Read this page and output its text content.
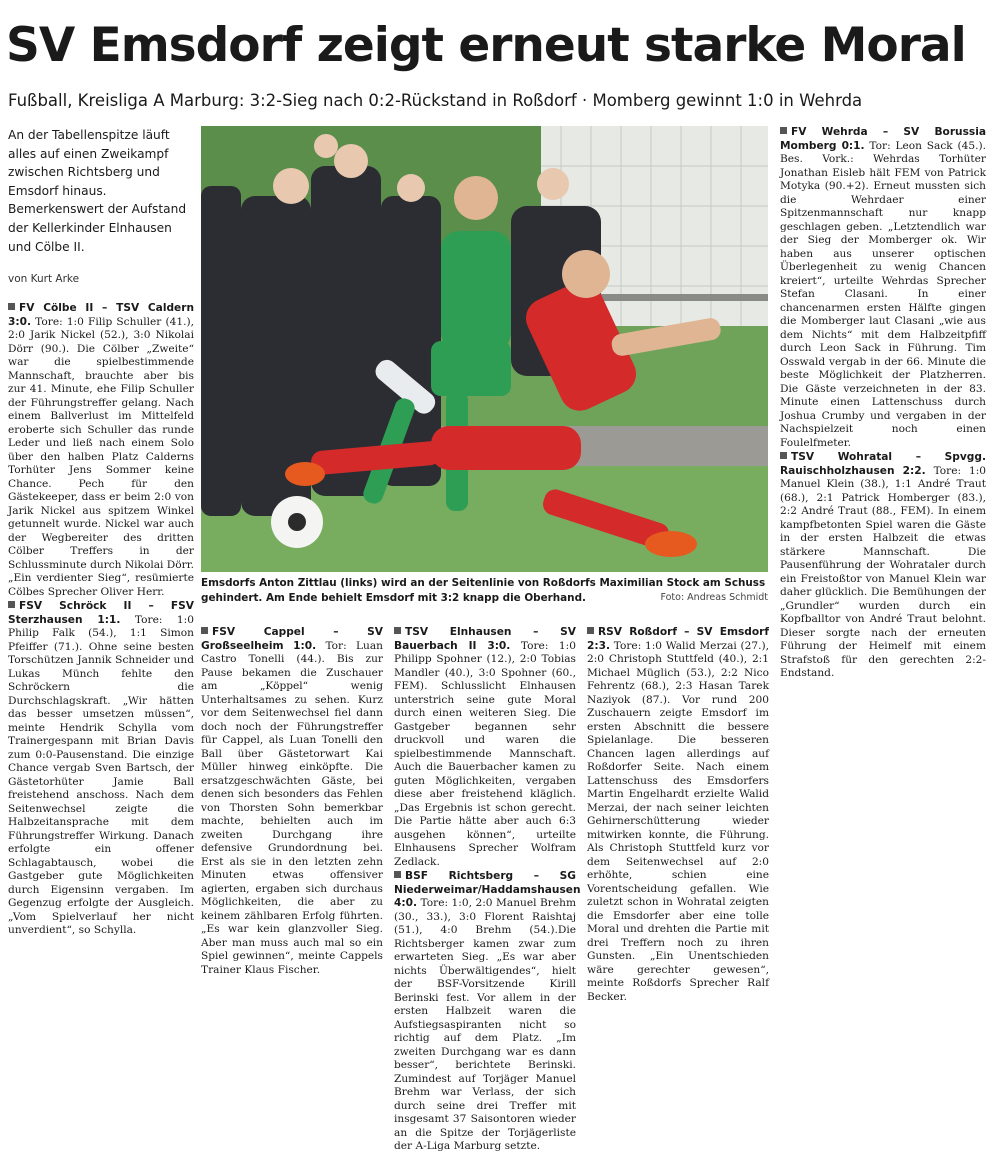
SV Emsdorf zeigt erneut starke Moral
Fußball, Kreisliga A Marburg: 3:2-Sieg nach 0:2-Rückstand in Roßdorf · Momberg gewinnt 1:0 in Wehrda
An der Tabellenspitze läuft alles auf einen Zweikampf zwischen Richtsberg und Emsdorf hinaus. Bemerkenswert der Aufstand der Kellerkinder Elnhausen und Cölbe II.
von Kurt Arke

FV Cölbe II – TSV Caldern 3:0. Tore: 1:0 Filip Schuller (41.), 2:0 Jarik Nickel (52.), 3:0 Nikolai Dörr (90.). Die Cölber „Zweite“ war die spielbestimmende Mannschaft, brauchte aber bis zur 41. Minute, ehe Filip Schuller der Führungstreffer gelang. Nach einem Ballverlust im Mittelfeld eroberte sich Schuller das runde Leder und ließ nach einem Solo über den halben Platz Calderns Torhüter Jens Sommer keine Chance. Pech für den Gästekeeper, dass er beim 2:0 von Jarik Nickel aus spitzem Winkel getunnelt wurde. Nickel war auch der Wegbereiter des dritten Cölber Treffers in der Schlussminute durch Nikolai Dörr. „Ein verdienter Sieg“, resümierte Cölbes Sprecher Oliver Herr.

FSV Schröck II – FSV Sterzhausen 1:1. Tore: 1:0 Philip Falk (54.), 1:1 Simon Pfeiffer (71.). Ohne seine besten Torschützen Jannik Schneider und Lukas Münch fehlte den Schröckern die Durchschlagskraft. „Wir hätten das besser umsetzen müssen“, meinte Hendrik Schylla vom Trainergespann mit Brian Davis zum 0:0-Pausenstand. Die einzige Chance vergab Sven Bartsch, der Gästetorhüter Jamie Ball freistehend anschoss. Nach dem Seitenwechsel zeigte die Halbzeitansprache mit dem Führungstreffer Wirkung. Danach erfolgte ein offener Schlagabtausch, wobei die Gastgeber gute Möglichkeiten durch Eigensinn vergaben. Im Gegenzug erfolgte der Ausgleich. „Vom Spielverlauf her nicht unverdient“, so Schylla.

Emsdorfs Anton Zittlau (links) wird an der Seitenlinie von Roßdorfs Maximilian Stock am Schuss gehindert. Am Ende behielt Emsdorf mit 3:2 knapp die Oberhand.	Foto: Andreas Schmidt

FSV Cappel – SV Großseelheim 1:0. Tor: Luan Castro Tonelli (44.). Bis zur Pause bekamen die Zuschauer am „Köppel“ wenig Unterhaltsames zu sehen. Kurz vor dem Seitenwechsel fiel dann doch noch der Führungstreffer für Cappel, als Luan Tonelli den Ball über Gästetorwart Kai Müller hinweg einköpfte. Die ersatzgeschwächten Gäste, bei denen sich besonders das Fehlen von Thorsten Sohn bemerkbar machte, behielten auch im zweiten Durchgang ihre defensive Grundordnung bei. Erst als sie in den letzten zehn Minuten etwas offensiver agierten, ergaben sich durchaus Möglichkeiten, die aber zu keinem zählbaren Erfolg führten. „Es war kein glanzvoller Sieg. Aber man muss auch mal so ein Spiel gewinnen“, meinte Cappels Trainer Klaus Fischer.

TSV Elnhausen – SV Bauerbach II 3:0. Tore: 1:0 Philipp Spohner (12.), 2:0 Tobias Mandler (40.), 3:0 Spohner (60., FEM). Schlusslicht Elnhausen unterstrich seine gute Moral durch einen weiteren Sieg. Die Gastgeber begannen sehr druckvoll und waren die spielbestimmende Mannschaft. Auch die Bauerbacher kamen zu guten Möglichkeiten, vergaben diese aber freistehend kläglich. „Das Ergebnis ist schon gerecht. Die Partie hätte aber auch 6:3 ausgehen können“, urteilte Elnhausens Sprecher Wolfram Zedlack.

BSF Richtsberg – SG Niederweimar/Haddamshausen 4:0. Tore: 1:0, 2:0 Manuel Brehm (30., 33.), 3:0 Florent Raishtaj (51.), 4:0 Brehm (54.).Die Richtsberger kamen zwar zum erwarteten Sieg. „Es war aber nichts Überwältigendes“, hielt der BSF-Vorsitzende Kirill Berinski fest. Vor allem in der ersten Halbzeit waren die Aufstiegsaspiranten nicht so richtig auf dem Platz. „Im zweiten Durchgang war es dann besser“, berichtete Berinski. Zumindest auf Torjäger Manuel Brehm war Verlass, der sich durch seine drei Treffer mit insgesamt 37 Saisontoren wieder an die Spitze der Torjägerliste der A-Liga Marburg setzte.

RSV Roßdorf – SV Emsdorf 2:3. Tore: 1:0 Walid Merzai (27.), 2:0 Christoph Stuttfeld (40.), 2:1 Michael Müglich (53.), 2:2 Nico Fehrentz (68.), 2:3 Hasan Tarek Naziyok (87.). Vor rund 200 Zuschauern zeigte Emsdorf im ersten Abschnitt die bessere Spielanlage. Die besseren Chancen lagen allerdings auf Roßdorfer Seite. Nach einem Lattenschuss des Emsdorfers Martin Engelhardt erzielte Walid Merzai, der nach seiner leichten Gehirnerschütterung wieder mitwirken konnte, die Führung. Als Christoph Stuttfeld kurz vor dem Seitenwechsel auf 2:0 erhöhte, schien eine Vorentscheidung gefallen. Wie zuletzt schon in Wohratal zeigten die Emsdorfer aber eine tolle Moral und drehten die Partie mit drei Treffern noch zu ihren Gunsten. „Ein Unentschieden wäre gerechter gewesen“, meinte Roßdorfs Sprecher Ralf Becker.

FV Wehrda – SV Borussia Momberg 0:1. Tor: Leon Sack (45.). Bes. Vork.: Wehrdas Torhüter Jonathan Eisleb hält FEM von Patrick Motyka (90.+2). Erneut mussten sich die Wehrdaer einer Spitzenmannschaft nur knapp geschlagen geben. „Letztendlich war der Sieg der Momberger ok. Wir haben aus unserer optischen Überlegenheit zu wenig Chancen kreiert“, urteilte Wehrdas Sprecher Stefan Clasani. In einer chancenarmen ersten Hälfte gingen die Momberger laut Clasani „wie aus dem Nichts“ mit dem Halbzeitpfiff durch Leon Sack in Führung. Tim Osswald vergab in der 66. Minute die beste Möglichkeit der Platzherren. Die Gäste verzeichneten in der 83. Minute einen Lattenschuss durch Joshua Crumby und vergaben in der Nachspielzeit noch einen Foulelfmeter.

TSV Wohratal – Spvgg. Rauischholzhausen 2:2. Tore: 1:0 Manuel Klein (38.), 1:1 André Traut (68.), 2:1 Patrick Homberger (83.), 2:2 André Traut (88., FEM). In einem kampfbetonten Spiel waren die Gäste in der ersten Halbzeit die etwas stärkere Mannschaft. Die Pausenführung der Wohrataler durch ein Freistoßtor von Manuel Klein war daher glücklich. Die Bemühungen der „Grundler“ wurden durch ein Kopfballtor von André Traut belohnt. Dieser sorgte nach der erneuten Führung der Heimelf mit einem Strafstoß für den gerechten 2:2-Endstand.
